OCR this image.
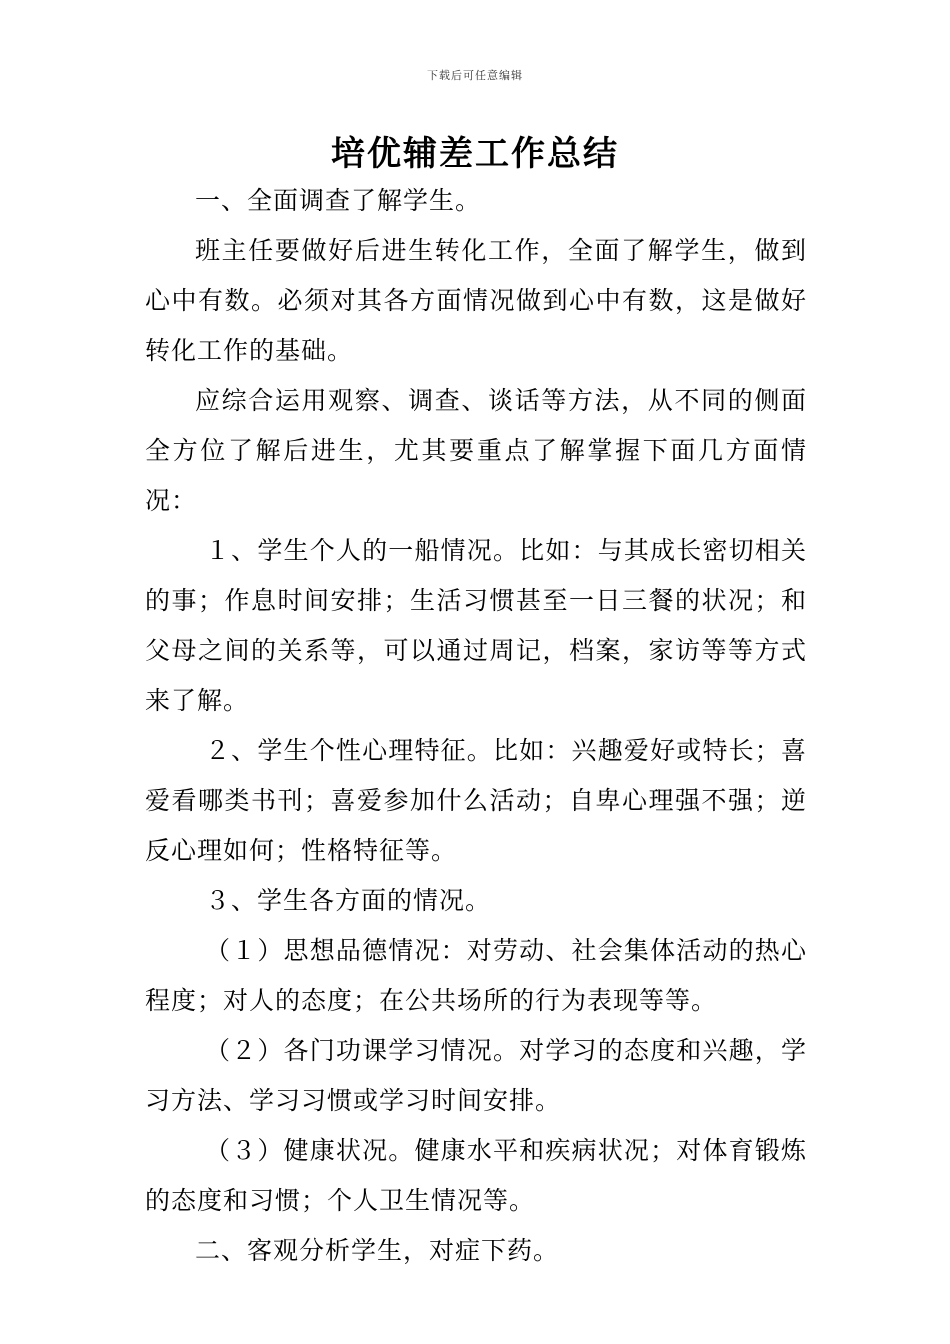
下载后可任意编辑
培优辅差工作总结

一、全面调查了解学生。

班主任要做好后进生转化工作，全面了解学生，做到心中有数。必须对其各方面情况做到心中有数，这是做好转化工作的基础。

应综合运用观察、调查、谈话等方法，从不同的侧面全方位了解后进生，尤其要重点了解掌握下面几方面情况：

１、学生个人的一船情况。比如：与其成长密切相关的事；作息时间安排；生活习惯甚至一日三餐的状况；和父母之间的关系等，可以通过周记，档案，家访等等方式来了解。

２、学生个性心理特征。比如：兴趣爱好或特长；喜爱看哪类书刊；喜爱参加什么活动；自卑心理强不强；逆反心理如何；性格特征等。

３、学生各方面的情况。

（１）思想品德情况：对劳动、社会集体活动的热心程度；对人的态度；在公共场所的行为表现等等。

（２）各门功课学习情况。对学习的态度和兴趣，学习方法、学习习惯或学习时间安排。

（３）健康状况。健康水平和疾病状况；对体育锻炼的态度和习惯；个人卫生情况等。

二、客观分析学生，对症下药。
